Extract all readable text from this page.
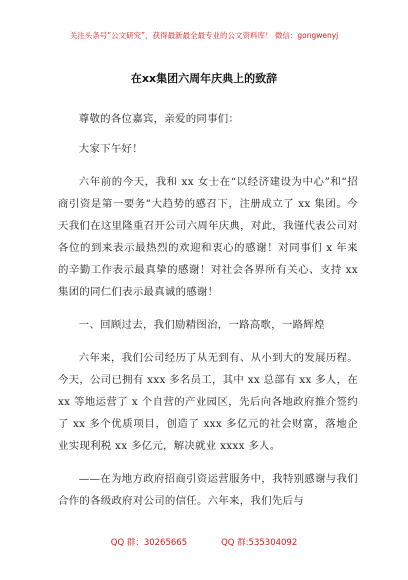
关注头条号“公文研究”，获得最新最全最专业的公文资料库！ 微信：gongwenyj
在xx集团六周年庆典上的致辞

尊敬的各位嘉宾，亲爱的同事们：

大家下午好！

六年前的今天，我和 xx 女士在“以经济建设为中心”和“招商引资是第一要务”大趋势的感召下，注册成立了 xx 集团。今天我们在这里隆重召开公司六周年庆典，对此，我谨代表公司对各位的到来表示最热烈的欢迎和衷心的感谢！对同事们 x 年来的辛勤工作表示最真挚的感谢！对社会各界所有关心、支持 xx 集团的同仁们表示最真诚的感谢！

一、回顾过去，我们励精图治，一路高歌，一路辉煌

六年来，我们公司经历了从无到有、从小到大的发展历程。今天，公司已拥有 xxx 多名员工，其中 xx 总部有 xx 多人，在 xx 等地运营了 x 个自营的产业园区，先后向各地政府推介签约了 xx 多个优质项目，创造了 xxx 多亿元的社会财富，落地企业实现利税 xx 多亿元，解决就业 xxxx 多人。

——在为地方政府招商引资运营服务中，我特别感谢与我们合作的各级政府对公司的信任。六年来，我们先后与

QQ 群：30265665	QQ 群:535304092
